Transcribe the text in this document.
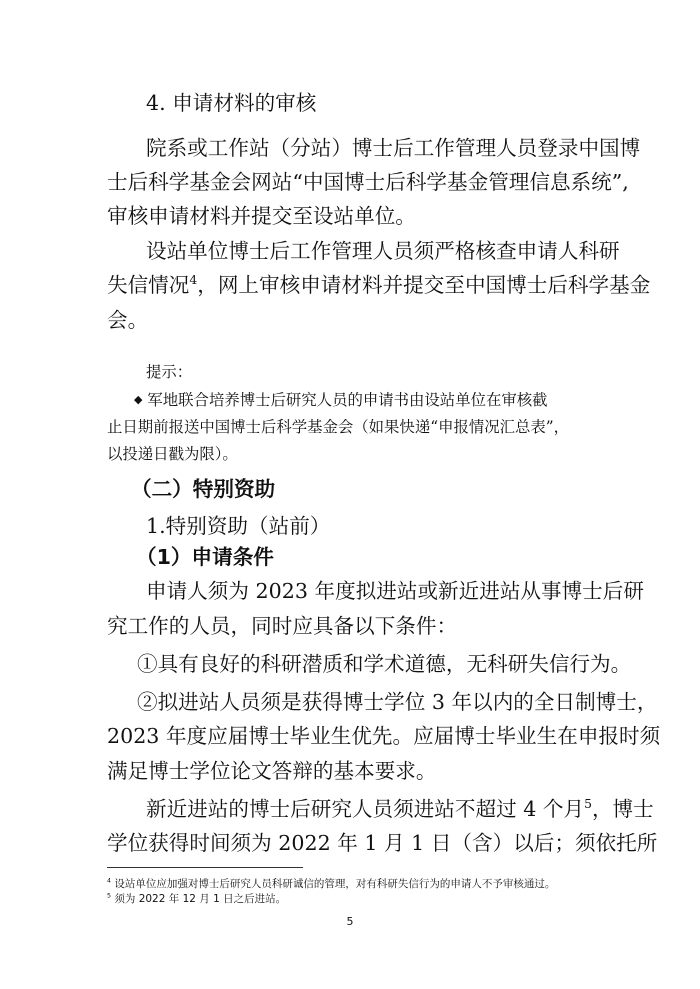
4. 申请材料的审核
院系或工作站（分站）博士后工作管理人员登录中国博
士后科学基金会网站“中国博士后科学基金管理信息系统”,
审核申请材料并提交至设站单位。
设站单位博士后工作管理人员须严格核查申请人科研
失信情况$^4$，网上审核申请材料并提交至中国博士后科学基金
会。
提示：
◆ 军地联合培养博士后研究人员的申请书由设站单位在审核截
止日期前报送中国博士后科学基金会（如果快递“申报情况汇总表”，
以投递日戳为限）。
（二）特别资助
1.特别资助（站前）
（1）申请条件
申请人须为 2023 年度拟进站或新近进站从事博士后研
究工作的人员，同时应具备以下条件：
①具有良好的科研潜质和学术道德，无科研失信行为。
②拟进站人员须是获得博士学位 3 年以内的全日制博士，
2023 年度应届博士毕业生优先。应届博士毕业生在申报时须
满足博士学位论文答辩的基本要求。
新近进站的博士后研究人员须进站不超过 4 个月$^5$，博士
学位获得时间须为 2022 年 1 月 1 日（含）以后；须依托所
$^4$ 设站单位应加强对博士后研究人员科研诚信的管理，对有科研失信行为的申请人不予审核通过。
$^5$ 须为 2022 年 12 月 1 日之后进站。
5
